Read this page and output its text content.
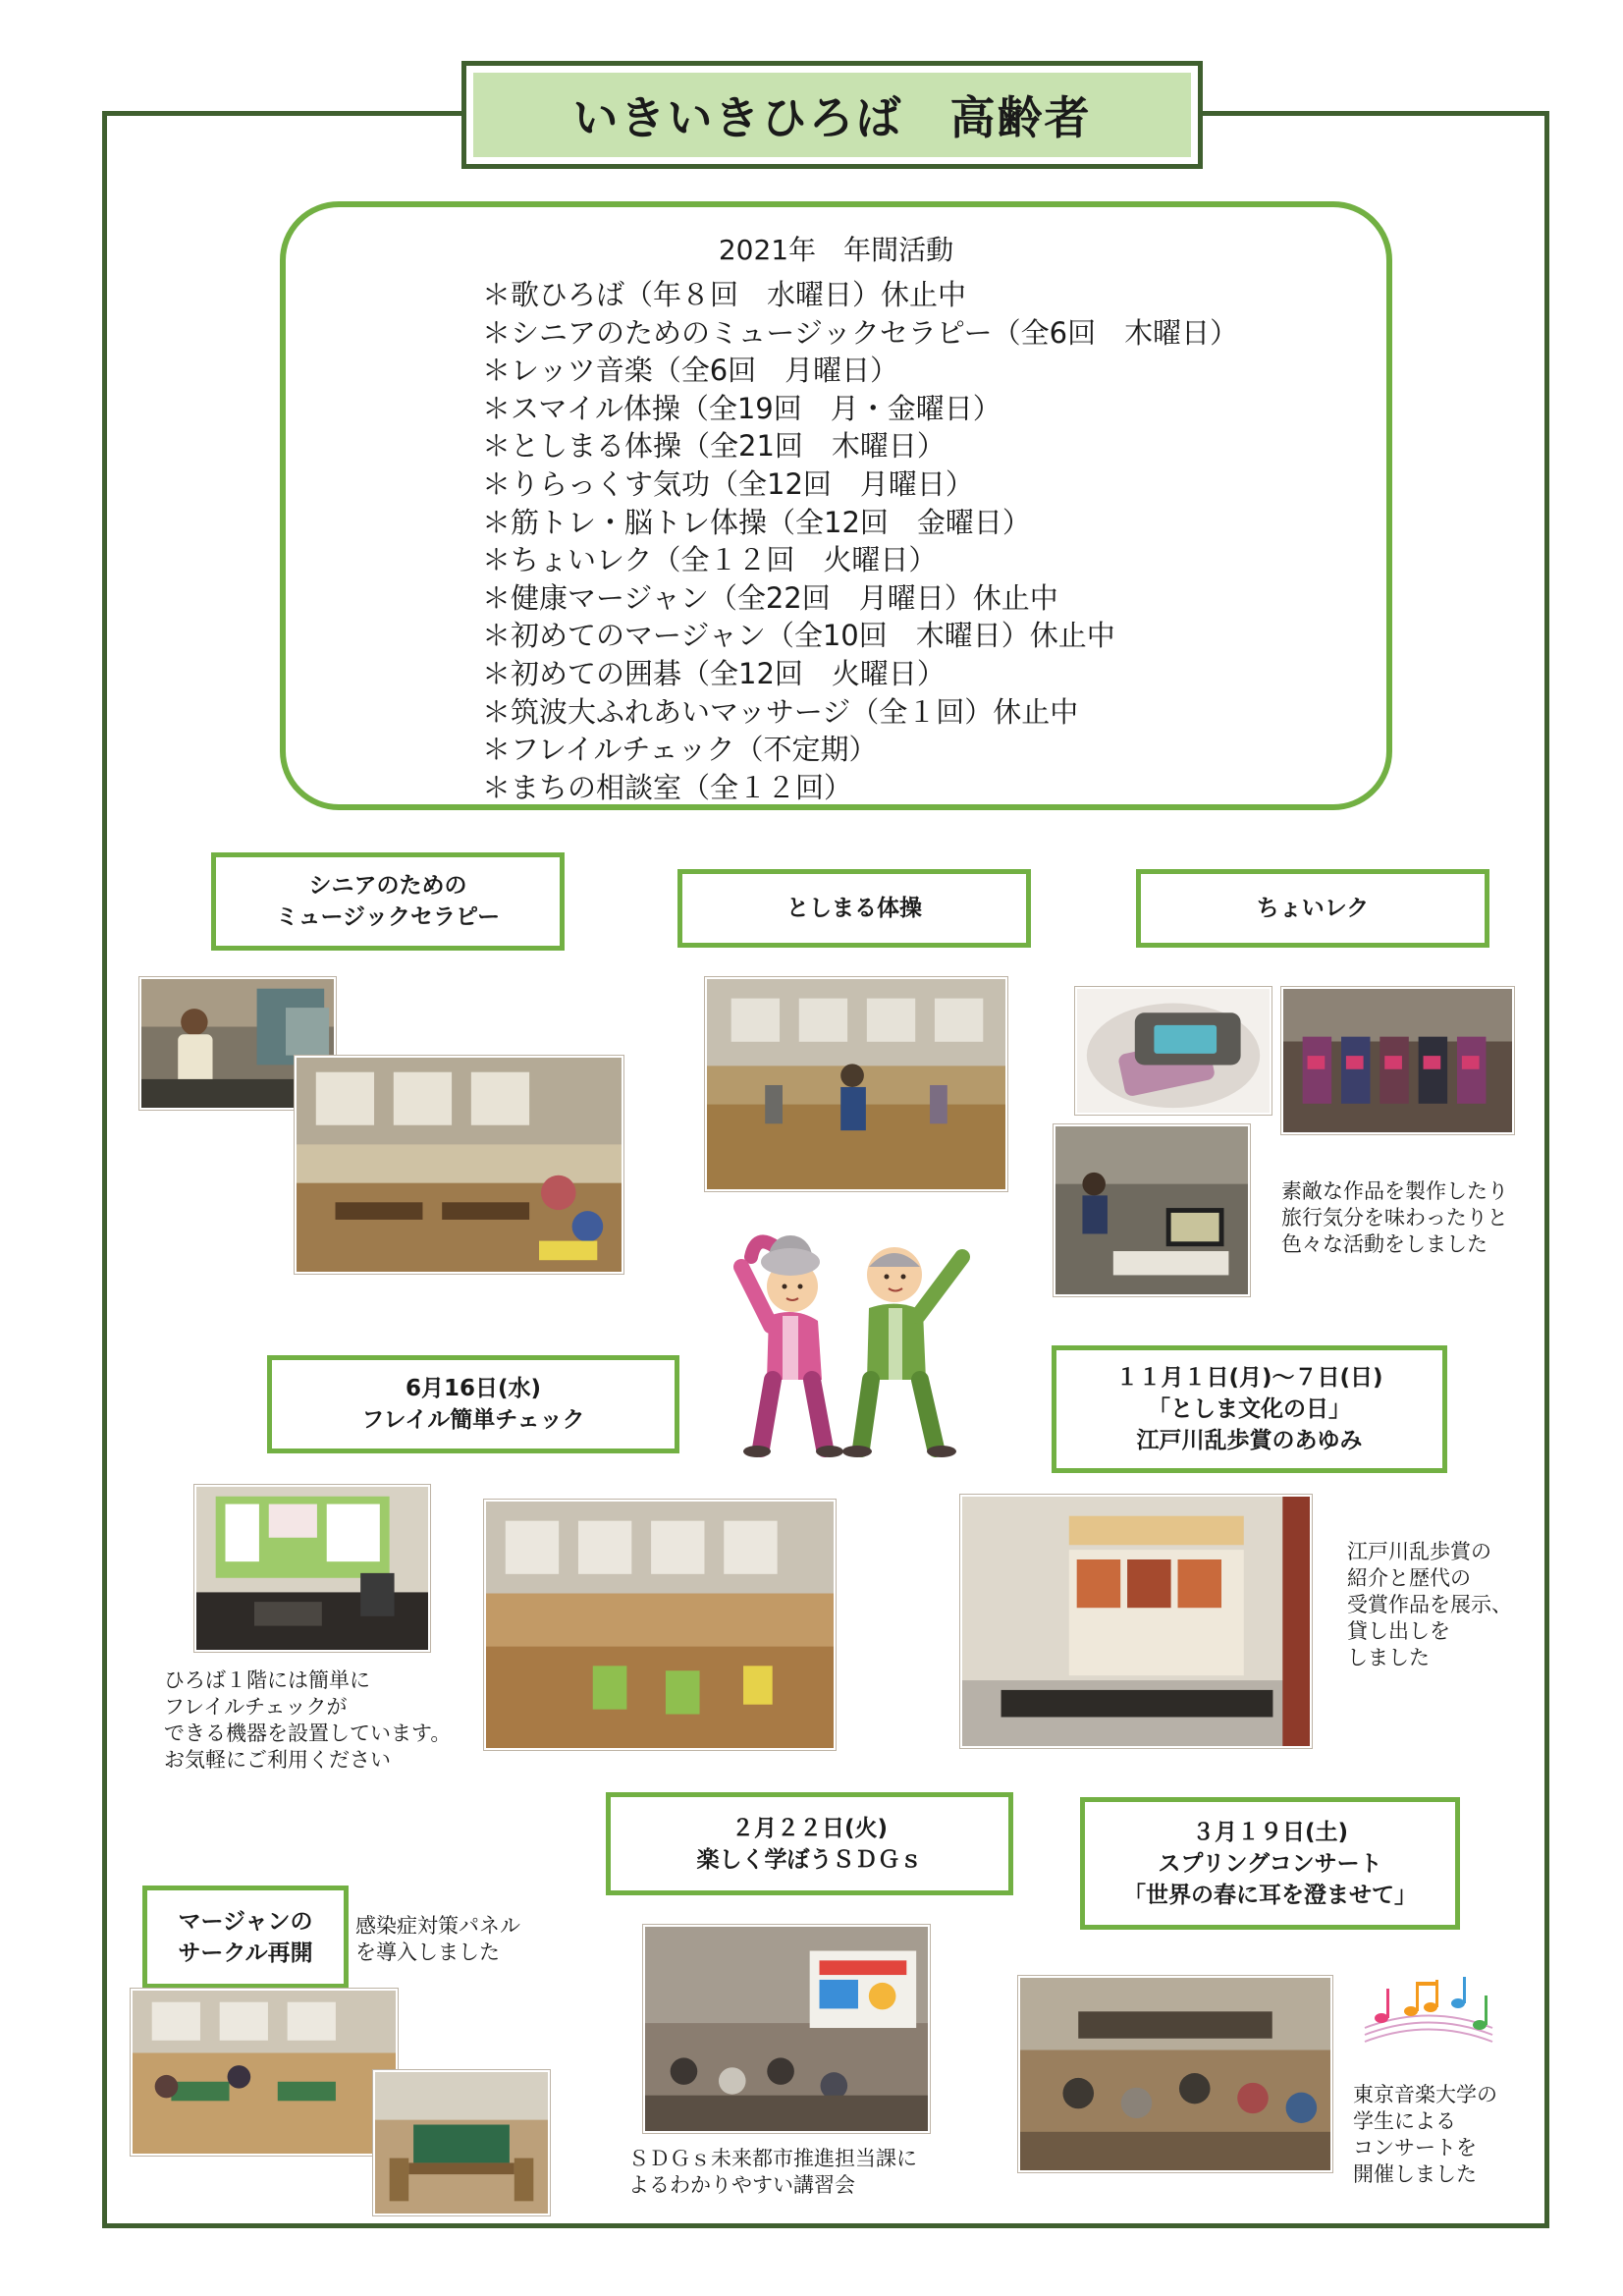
いきいきひろば　高齢者
2021年　年間活動
＊歌ひろば（年８回　水曜日）休止中
＊シニアのためのミュージックセラピー（全6回　木曜日）
＊レッツ音楽（全6回　月曜日）
＊スマイル体操（全19回　月・金曜日）
＊としまる体操（全21回　木曜日）
＊りらっくす気功（全12回　月曜日）
＊筋トレ・脳トレ体操（全12回　金曜日）
＊ちょいレク（全１２回　火曜日）
＊健康マージャン（全22回　月曜日）休止中
＊初めてのマージャン（全10回　木曜日）休止中
＊初めての囲碁（全12回　火曜日）
＊筑波大ふれあいマッサージ（全１回）休止中
＊フレイルチェック（不定期）
＊まちの相談室（全１２回）
シニアのための
ミュージックセラピー	としまる体操	ちょいレク
素敵な作品を製作したり
旅行気分を味わったりと
色々な活動をしました
6月16日(水)
フレイル簡単チェック
１１月１日(月)～７日(日)
「としま文化の日」
江戸川乱歩賞のあゆみ
ひろば１階には簡単に
フレイルチェックが
できる機器を設置しています。
お気軽にご利用ください
江戸川乱歩賞の
紹介と歴代の
受賞作品を展示、
貸し出しを
しました
２月２２日(火)
楽しく学ぼうＳＤＧｓ
３月１９日(土)
スプリングコンサート
「世界の春に耳を澄ませて」
マージャンの
サークル再開
感染症対策パネル
を導入しました
ＳＤＧｓ未来都市推進担当課に
よるわかりやすい講習会
東京音楽大学の
学生による
コンサートを
開催しました
